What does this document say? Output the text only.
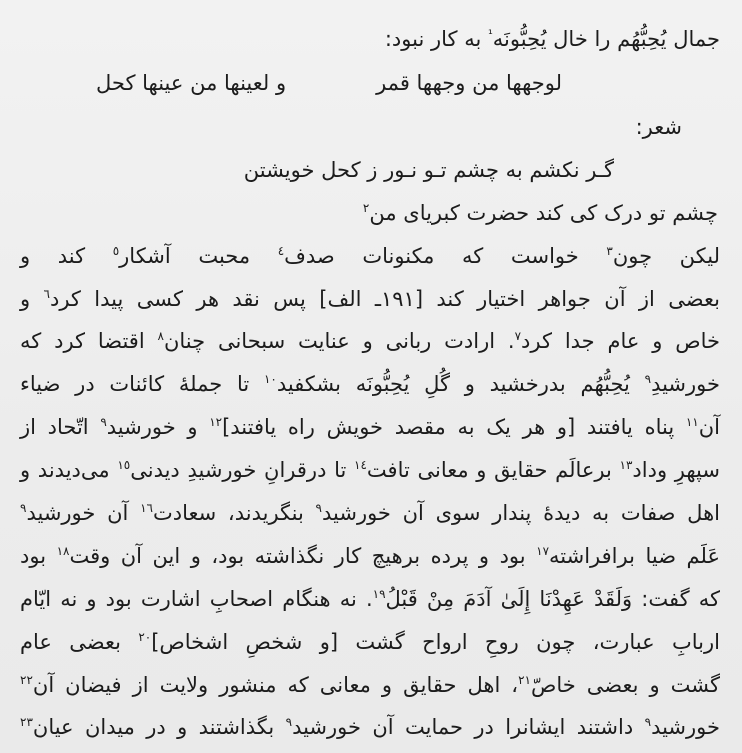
جمال يُحِبُّهُم را خال يُحِبُّونَه$^{^1}$ به کار نبود:
لوجهها من وجهها قمر
و لعينها من عينها كحل
شعر:
گـر نکشم به چشم تـو نـور ز کحل خویشتن
چشم تو درک کی کند حضرت کبریای من$^٢$
لیکن چون$^٣$ خواست که مکنونات صدف$^٤$ محبت آشکار$^٥$ کند و
بعضی از آن جواهر اختیار کند [١٩١ـ الف] پس نقد هر کسی پیدا کرد$^٦$ و
خاص و عام جدا کرد$^٧$. ارادت ربانی و عنایت سبحانی چنان$^٨$ اقتضا کرد که
خورشیدِ$^٩$ يُحِبُّهُم بدرخشید و گُلِ يُحِبُّونَه بشکفید$^{١٠}$ تا جملهٔ کائنات در ضیاء
آن$^{١١}$ پناه یافتند [و هر یک به مقصد خویش راه یافتند]$^{١٢}$ و خورشید$^٩$ اتّحاد از
سپهرِ وداد$^{١٣}$ برعالَم حقایق و معانی تافت$^{١٤}$ تا درقرانِ خورشیدِ دیدنی$^{١٥}$ می‌دیدند و
اهل صفات به دیدهٔ پندار سوی آن خورشید$^٩$ بنگریدند، سعادت$^{١٦}$ آن خورشید$^٩$
عَلَم ضیا برافراشته$^{١٧}$ بود و پرده برهیچ کار نگذاشته بود، و این آن وقت$^{١٨}$ بود
که گفت: وَلَقَدْ عَهِدْنَا إِلَىٰ آدَمَ مِنْ قَبْلُ$^{١٩}$. نه هنگام اصحابِ اشارت بود و نه ایّام
اربابِ عبارت، چون روحِ ارواح گشت [و شخصِ اشخاص]$^{٢٠}$ بعضی عام
گشت و بعضی خاصّ$^{٢١}$، اهل حقایق و معانی که منشور ولایت از فیضان آن$^{٢٢}$
خورشید$^٩$ داشتند ایشانرا در حمایت آن خورشید$^٩$ بگذاشتند و در میدان عیان$^{٢٣}$
